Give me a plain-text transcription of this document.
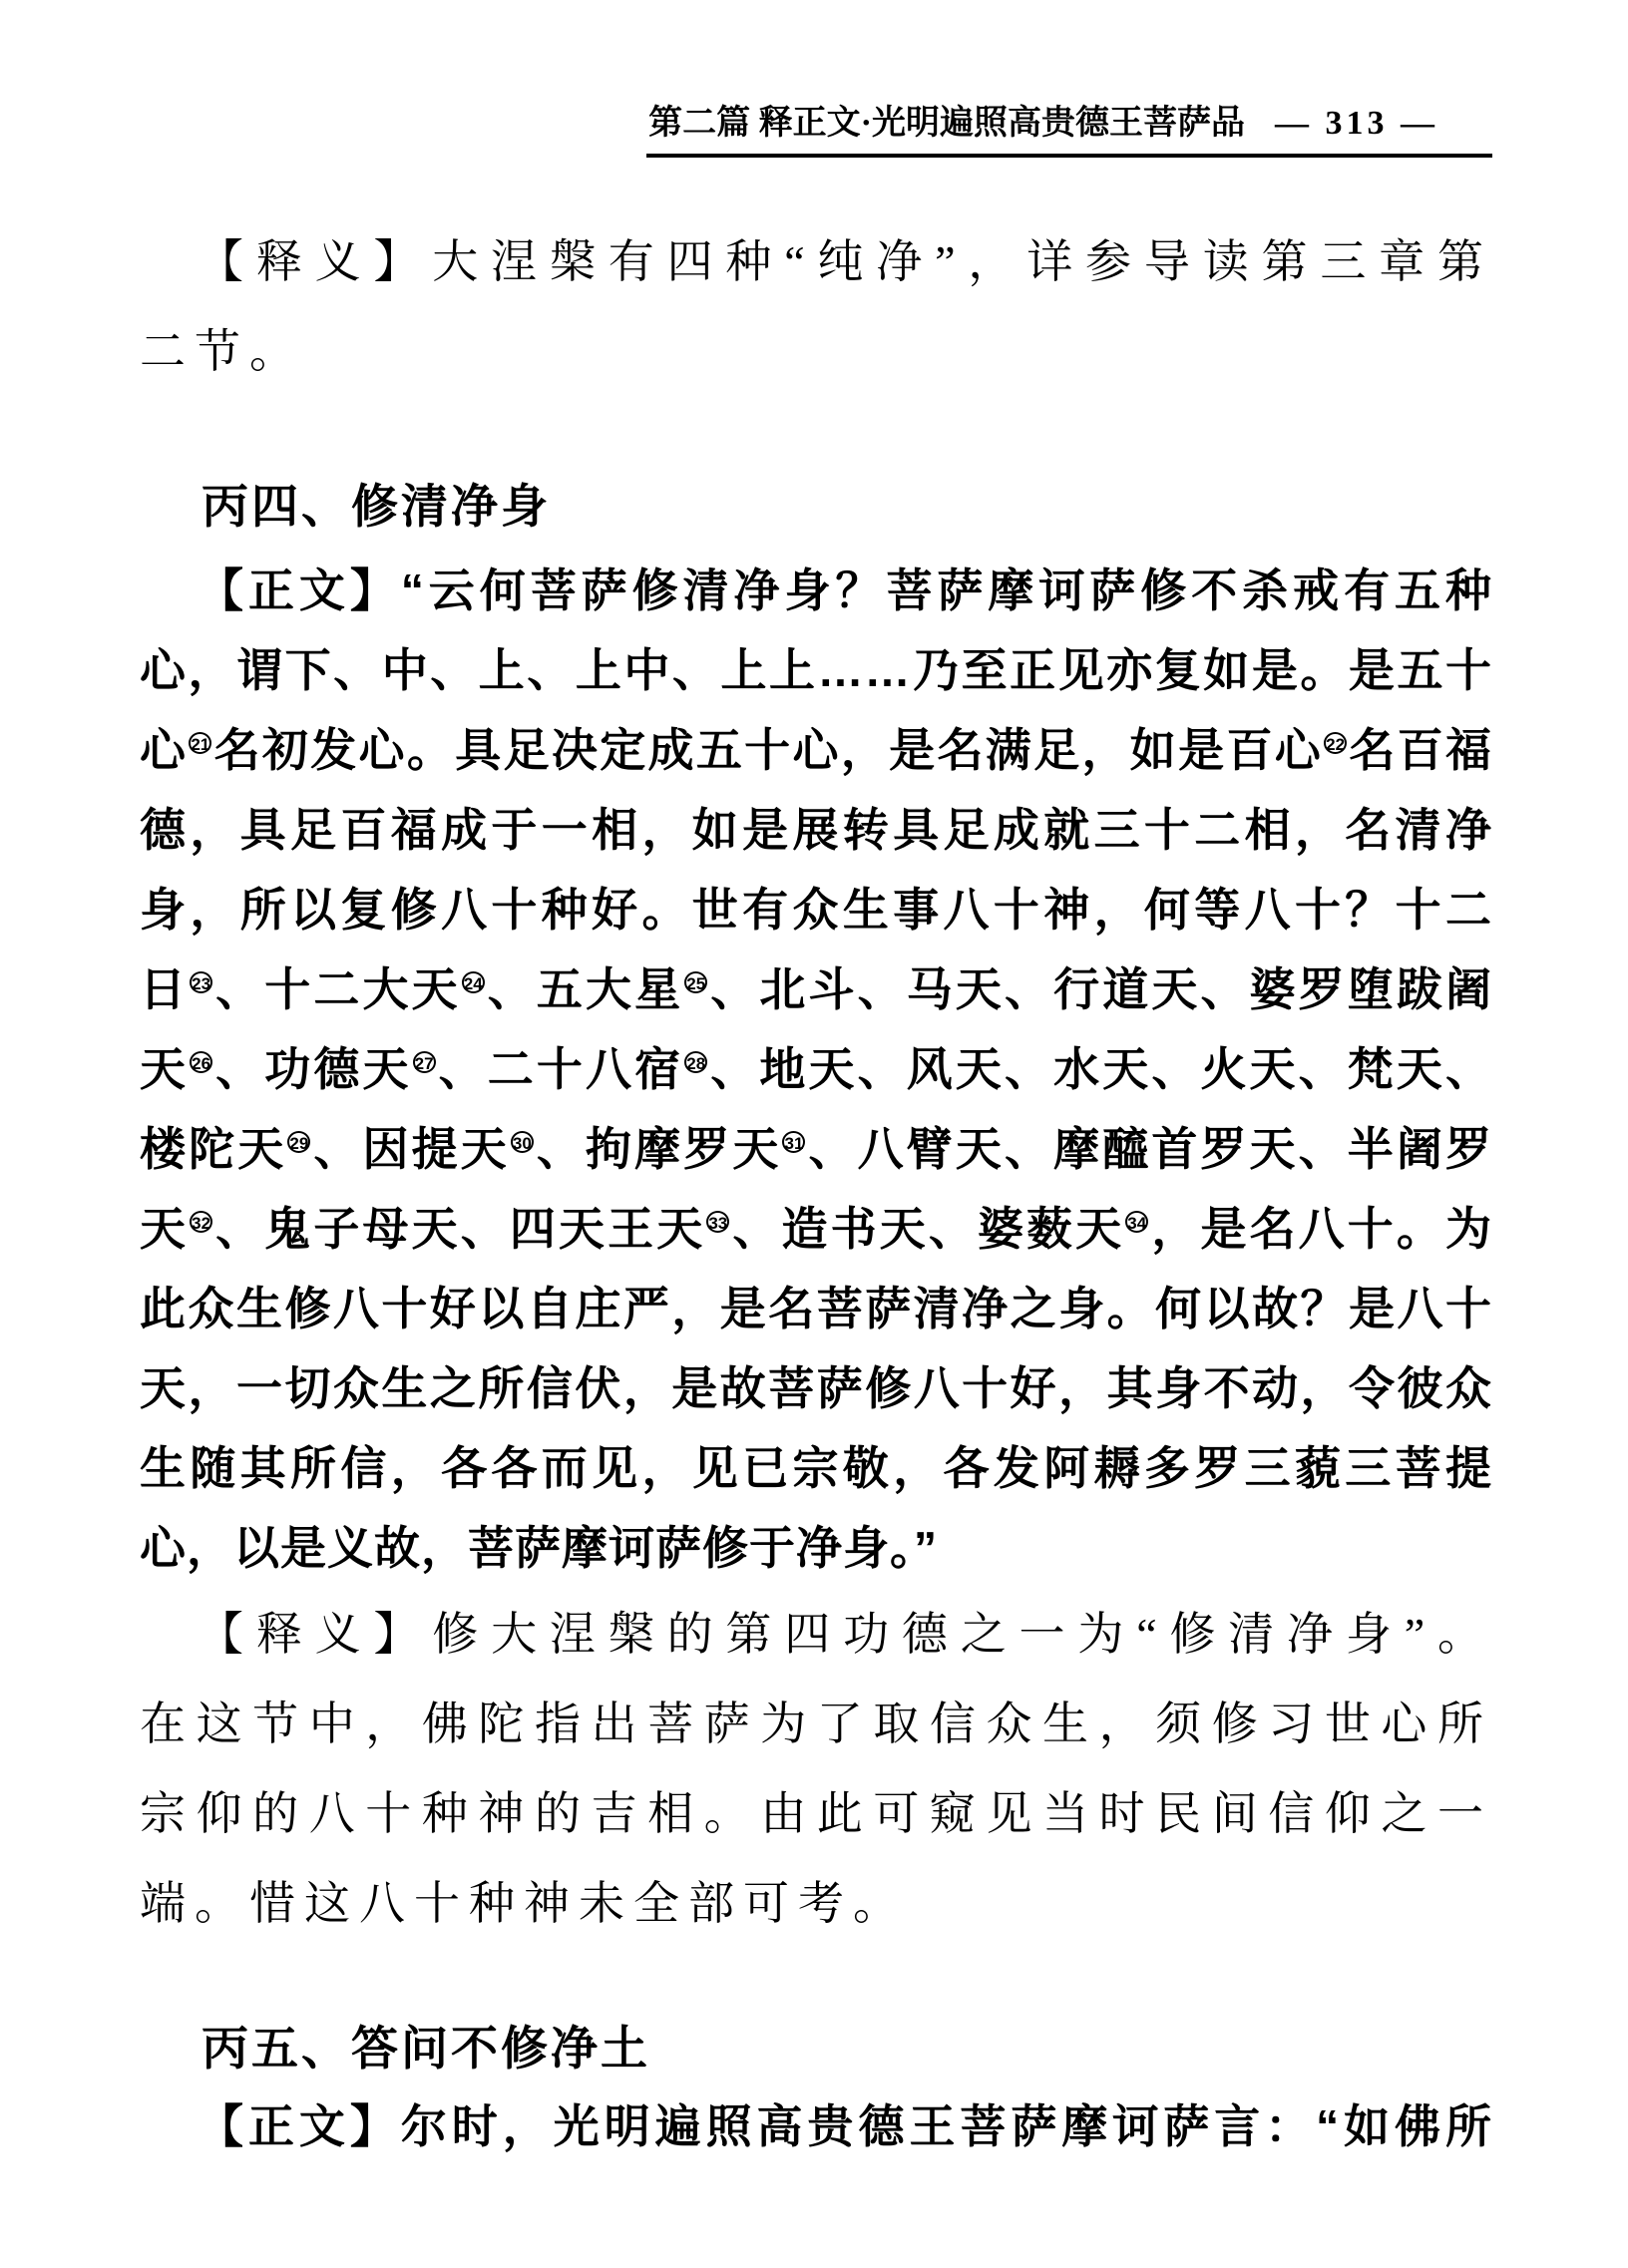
第二篇 释正文·光明遍照高贵德王菩萨品 — 313 —
【释义】大涅槃有四种“纯净”，详参导读第三章第
二节。
丙四、修清净身
【正文】“云何菩萨修清净身？菩萨摩诃萨修不杀戒有五种
心，谓下、中、上、上中、上上……乃至正见亦复如是。是五十
心 $^{21}$名初发心。具足决定成五十心，是名满足，如是百心 $^{22}$名百福
德，具足百福成于一相，如是展转具足成就三十二相，名清净
身，所以复修八十种好。世有众生事八十神，何等八十？十二
日 $^{23}$、十二大天 $^{24}$、五大星 $^{25}$、北斗、马天、行道天、婆罗堕跋阇
天 $^{26}$、功德天 $^{27}$、二十八宿 $^{28}$、地天、风天、水天、火天、梵天、
楼陀天 $^{29}$、因提天 $^{30}$、拘摩罗天 $^{31}$、八臂天、摩醯首罗天、半阇罗
天 $^{32}$、鬼子母天、四天王天 $^{33}$、造书天、婆薮天 $^{34}$，是名八十。为
此众生修八十好以自庄严，是名菩萨清净之身。何以故？是八十
天，一切众生之所信伏，是故菩萨修八十好，其身不动，令彼众
生随其所信，各各而见，见已宗敬，各发阿耨多罗三藐三菩提
心，以是义故，菩萨摩诃萨修于净身。”
【释义】修大涅槃的第四功德之一为“修清净身”。
在这节中，佛陀指出菩萨为了取信众生，须修习世心所
宗仰的八十种神的吉相。由此可窥见当时民间信仰之一
端。惜这八十种神未全部可考。
丙五、答问不修净土
【正文】尔时，光明遍照高贵德王菩萨摩诃萨言：“如佛所
